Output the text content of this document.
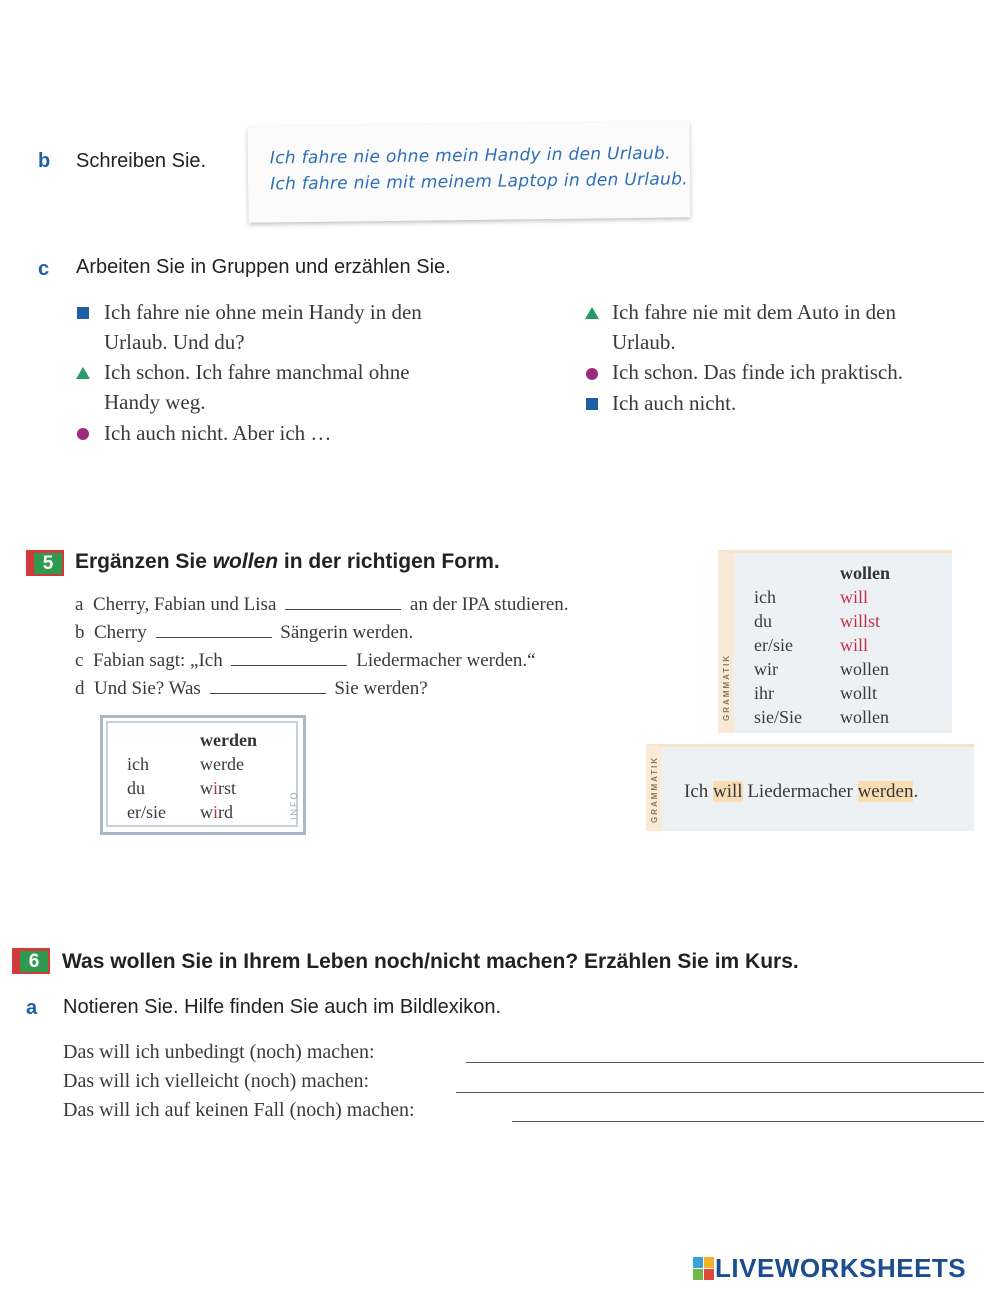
b Schreiben Sie.	Ich fahre nie ohne mein Handy in den Urlaub.
Ich fahre nie mit meinem Laptop in den Urlaub.
c Arbeiten Sie in Gruppen und erzählen Sie.
Ich fahre nie ohne mein Handy in den
Urlaub. Und du?
Ich schon. Ich fahre manchmal ohne
Handy weg.
Ich auch nicht. Aber ich …
Ich fahre nie mit dem Auto in den
Urlaub.
Ich schon. Das finde ich praktisch.
Ich auch nicht.
5	Ergänzen Sie wollen in der richtigen Form.
a Cherry, Fabian und Lisa	an der IPA studieren.
b Cherry	Sängerin werden.
c Fabian sagt: „Ich	Liedermacher werden.“
d Und Sie? Was	Sie werden?
werden
ich	werde
du	wirst
er/sie wird	INFO
GRAMMATIK
wollen
ich	will
du	willst
er/sie	will
wir	wollen
ihr	wollt
sie/Sie wollen
GRAMMATIK Ich will Liedermacher werden.
6	Was wollen Sie in Ihrem Leben noch/nicht machen? Erzählen Sie im Kurs.
a Notieren Sie. Hilfe finden Sie auch im Bildlexikon.
Das will ich unbedingt (noch) machen:
Das will ich vielleicht (noch) machen:
Das will ich auf keinen Fall (noch) machen:
LIVEWORKSHEETS
